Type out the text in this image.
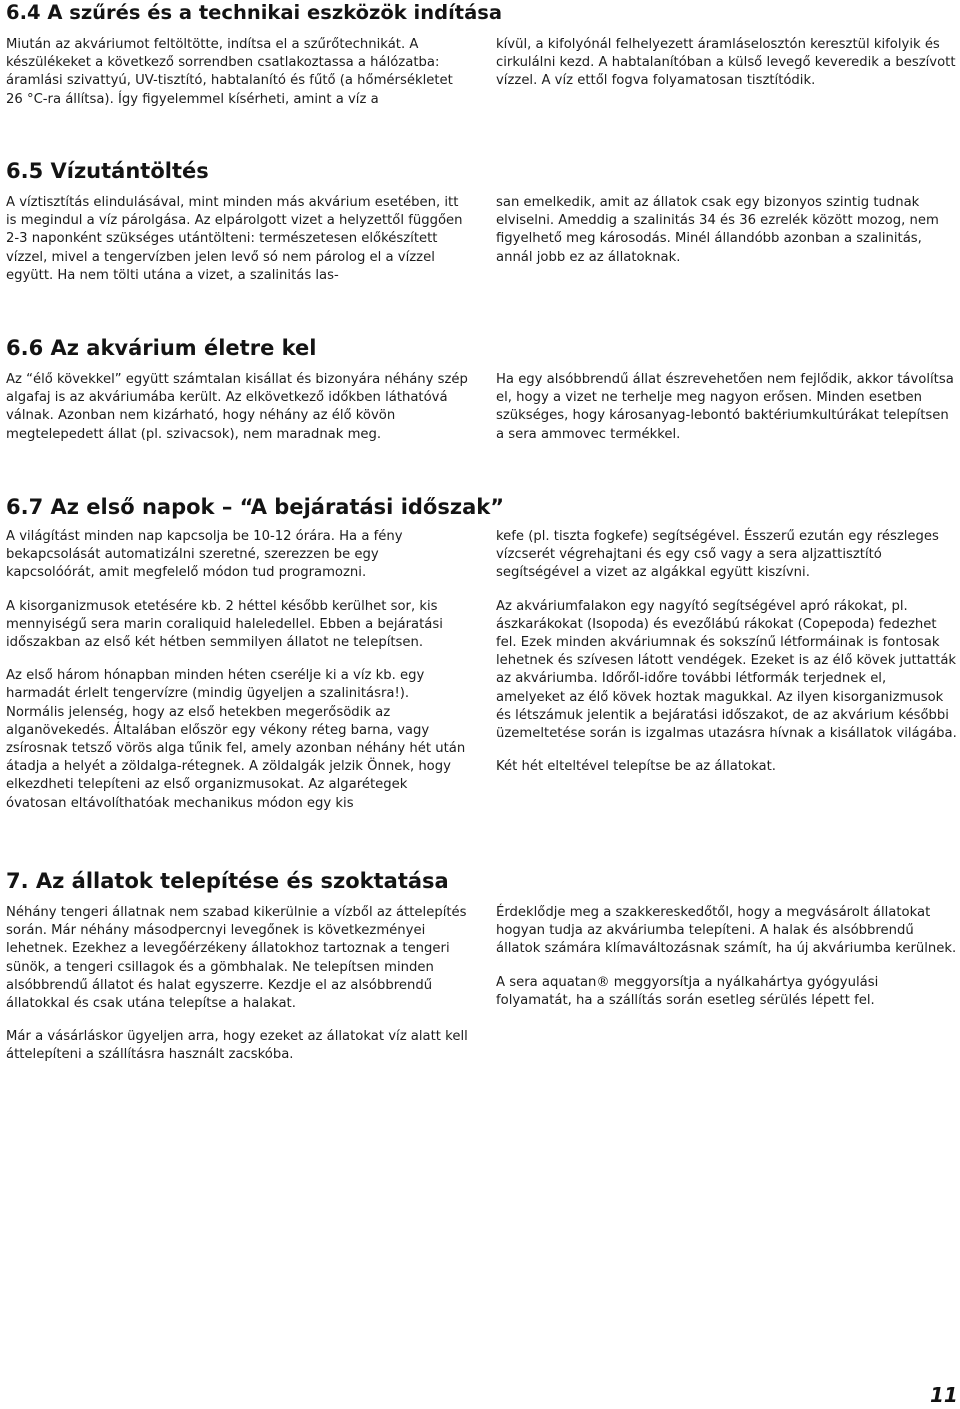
6.4 A szűrés és a technikai eszközök indítása

Miután az akváriumot feltöltötte, indítsa el a szűrőtechnikát. A készülékeket a következő sorrendben csatlakoztassa a hálózatba: áramlási szivattyú, UV-tisztító, habtalanító és fűtő (a hőmérsékletet 26 °C-ra állítsa). Így figyelemmel kísérheti, amint a víz a

kívül, a kifolyónál felhelyezett áramláselosztón keresztül kifolyik és cirkulálni kezd. A habtalanítóban a külső levegő keveredik a beszívott vízzel. A víz ettől fogva folyamatosan tisztítódik.

6.5 Vízutántöltés

A víztisztítás elindulásával, mint minden más akvárium esetében, itt is megindul a víz párolgása. Az elpárolgott vizet a helyzettől függően 2-3 naponként szükséges utántölteni: természetesen előkészített vízzel, mivel a tengervízben jelen levő só nem párolog el a vízzel együtt. Ha nem tölti utána a vizet, a szalinitás las-

san emelkedik, amit az állatok csak egy bizonyos szintig tudnak elviselni. Ameddig a szalinitás 34 és 36 ezrelék között mozog, nem figyelhető meg károsodás. Minél állandóbb azonban a szalinitás, annál jobb ez az állatoknak.

6.6 Az akvárium életre kel

Az “élő kövekkel” együtt számtalan kisállat és bizonyára néhány szép algafaj is az akváriumába került. Az elkövetkező időkben láthatóvá válnak. Azonban nem kizárható, hogy néhány az élő kövön megtelepedett állat (pl. szivacsok), nem maradnak meg.

Ha egy alsóbbrendű állat észrevehetően nem fejlődik, akkor távolítsa el, hogy a vizet ne terhelje meg nagyon erősen. Minden esetben szükséges, hogy károsanyag-lebontó baktériumkultúrákat telepítsen a sera ammovec termékkel.

6.7 Az első napok – “A bejáratási időszak”

A világítást minden nap kapcsolja be 10-12 órára. Ha a fény bekapcsolását automatizálni szeretné, szerezzen be egy kapcsolóórát, amit megfelelő módon tud programozni.

A kisorganizmusok etetésére kb. 2 héttel később kerülhet sor, kis mennyiségű sera marin coraliquid haleledellel. Ebben a bejáratási időszakban az első két hétben semmilyen állatot ne telepítsen.

Az első három hónapban minden héten cserélje ki a víz kb. egy harmadát érlelt tengervízre (mindig ügyeljen a szalinitásra!). Normális jelenség, hogy az első hetekben megerősödik az alganövekedés. Általában először egy vékony réteg barna, vagy zsírosnak tetsző vörös alga tűnik fel, amely azonban néhány hét után átadja a helyét a zöldalga-rétegnek. A zöldalgák jelzik Önnek, hogy elkezdheti telepíteni az első organizmusokat. Az algarétegek óvatosan eltávolíthatóak mechanikus módon egy kis

kefe (pl. tiszta fogkefe) segítségével. Ésszerű ezután egy részleges vízcserét végrehajtani és egy cső vagy a sera aljzattisztító segítségével a vizet az algákkal együtt kiszívni.

Az akváriumfalakon egy nagyító segítségével apró rákokat, pl. ászkarákokat (Isopoda) és evezőlábú rákokat (Copepoda) fedezhet fel. Ezek minden akváriumnak és sokszínű létformáinak is fontosak lehetnek és szívesen látott vendégek. Ezeket is az élő kövek juttatták az akváriumba. Időről-időre további létformák terjednek el, amelyeket az élő kövek hoztak magukkal. Az ilyen kisorganizmusok és létszámuk jelentik a bejáratási időszakot, de az akvárium későbbi üzemeltetése során is izgalmas utazásra hívnak a kisállatok világába.

Két hét elteltével telepítse be az állatokat.

7. Az állatok telepítése és szoktatása

Néhány tengeri állatnak nem szabad kikerülnie a vízből az áttelepítés során. Már néhány másodpercnyi levegőnek is következményei lehetnek. Ezekhez a levegőérzékeny állatokhoz tartoznak a tengeri sünök, a tengeri csillagok és a gömbhalak. Ne telepítsen minden alsóbbrendű állatot és halat egyszerre. Kezdje el az alsóbbrendű állatokkal és csak utána telepítse a halakat.

Már a vásárláskor ügyeljen arra, hogy ezeket az állatokat víz alatt kell áttelepíteni a szállításra használt zacskóba.

Érdeklődje meg a szakkereskedőtől, hogy a megvásárolt állatokat hogyan tudja az akváriumba telepíteni. A halak és alsóbbrendű állatok számára klímaváltozásnak számít, ha új akváriumba kerülnek.

A sera aquatan® meggyorsítja a nyálkahártya gyógyulási folyamatát, ha a szállítás során esetleg sérülés lépett fel.

11
